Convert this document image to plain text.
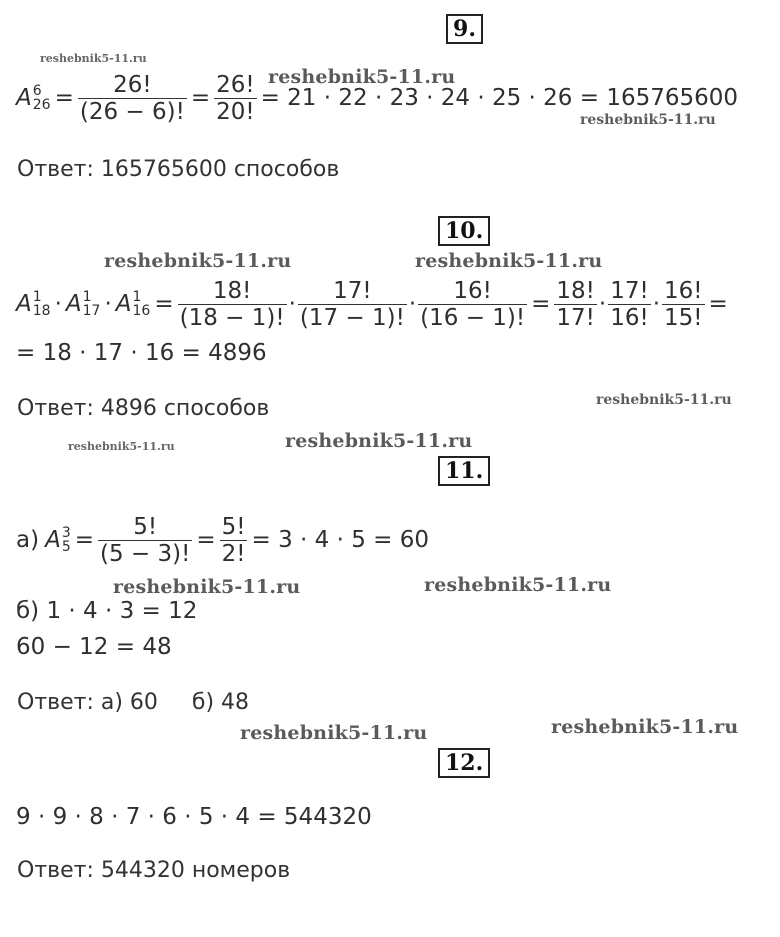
9.
reshebnik5-11.ru
reshebnik5-11.ru
A 6
$26 = \frac{26!}{(26 - 6)!} = \frac{26!}{20!} = 21 \cdot 22 \cdot 23 \cdot 24 \cdot 25 \cdot 26 = 165765600$
reshebnik5-11.ru
Ответ: 165765600 способов
10.
reshebnik5-11.ru	reshebnik5-11.ru
A 1
18 · A 1
17 · A 1
$16 = \frac{18!}{(18 - 1)!} \cdot \frac{17!}{(17 - 1)!} \cdot \frac{16!}{(16 - 1)!} = \frac{18!}{17!} \cdot \frac{17!}{16!} \cdot \frac{16!}{15!}$ =
= 18 · 17 · 16 = 4896
Ответ: 4896 способов	reshebnik5-11.ru
reshebnik5-11.ru	reshebnik5-11.ru
11.
а) A 3
$5 = \frac{5!}{(5 - 3)!} = \frac{5!}{2!} = 3 \cdot 4 \cdot 5 = 60$
reshebnik5-11.ru	reshebnik5-11.ru
б) 1 · 4 · 3 = 12
60 − 12 = 48
Ответ: а) 60 б) 48
reshebnik5-11.ru
reshebnik5-11.ru
12.
9 · 9 · 8 · 7 · 6 · 5 · 4 = 544320
Ответ: 544320 номеров
